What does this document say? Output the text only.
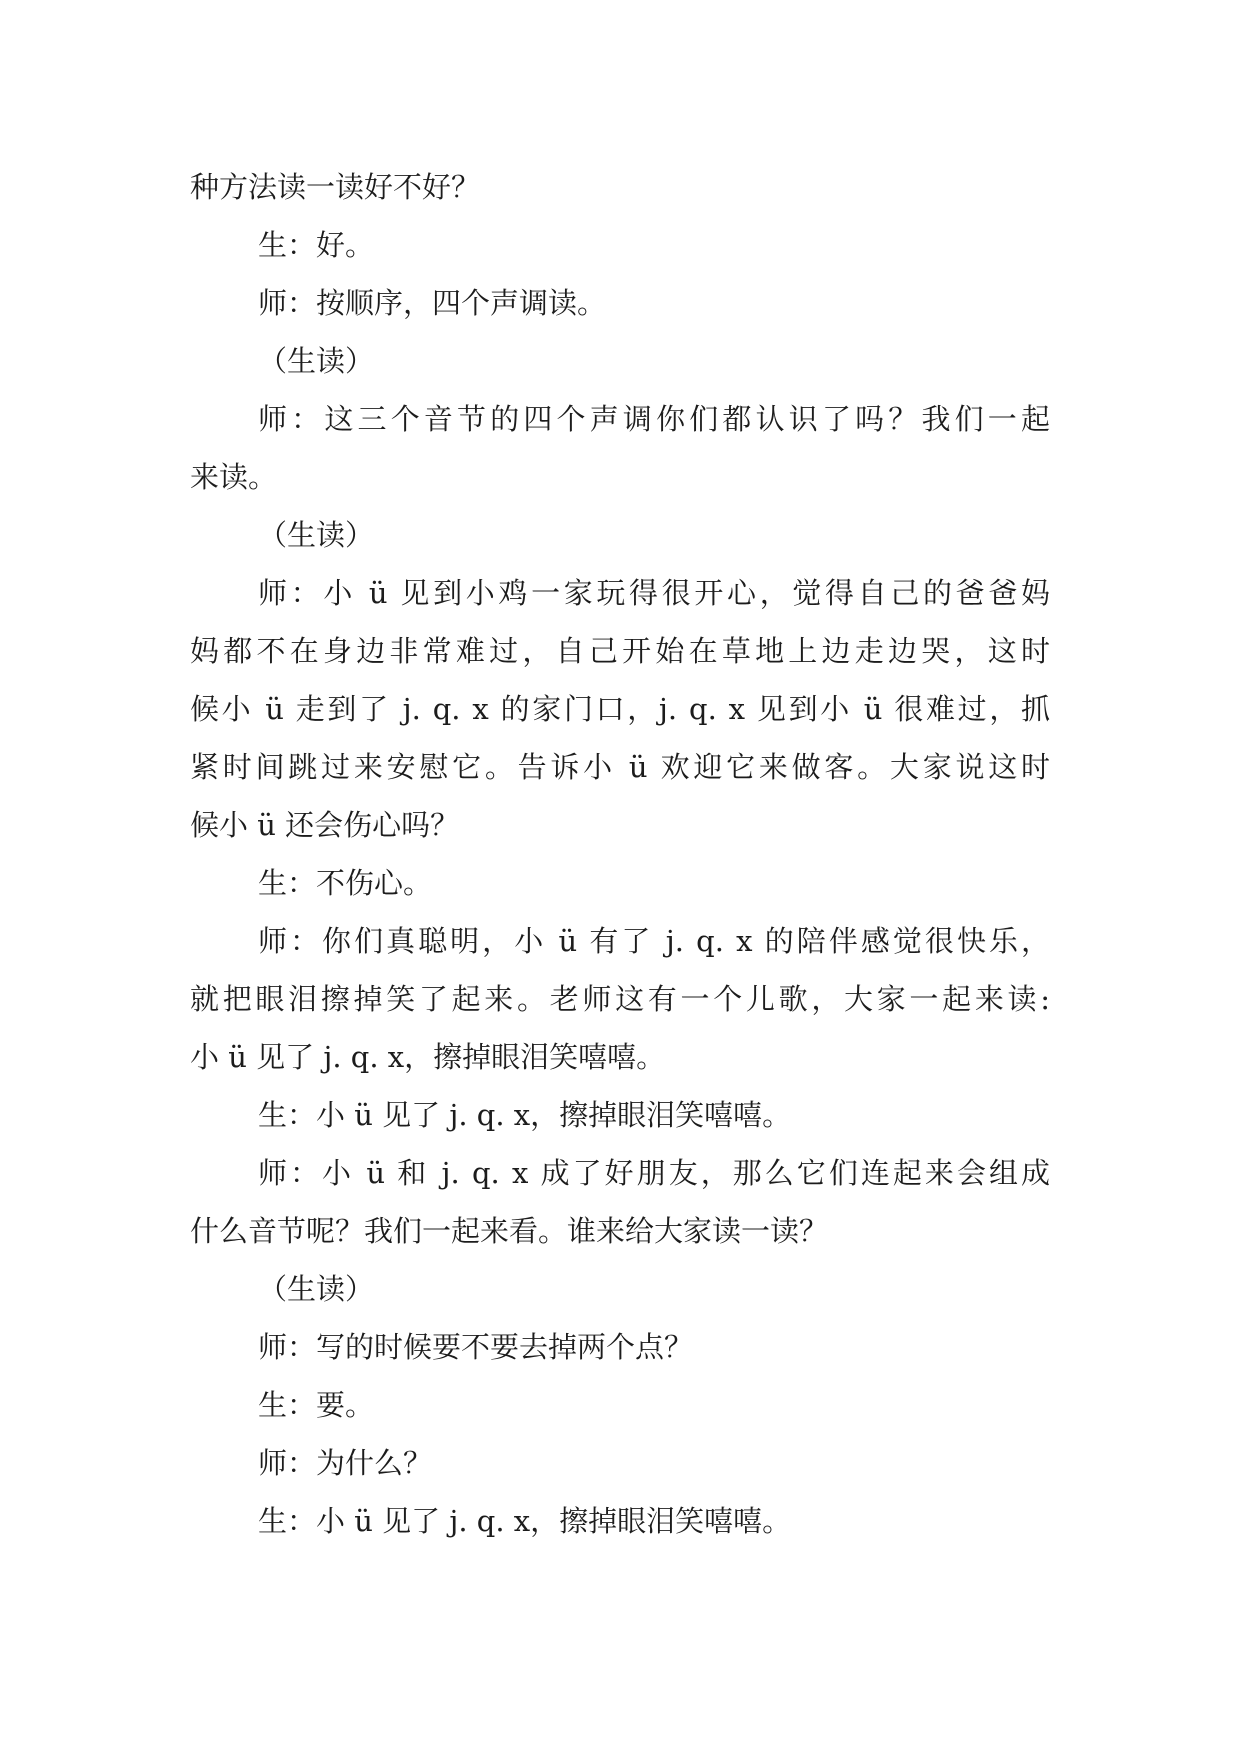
种方法读一读好不好？
生：好。
师：按顺序，四个声调读。
（生读）
师：这三个音节的四个声调你们都认识了吗？我们一起
来读。
（生读）
师：小 ü 见到小鸡一家玩得很开心，觉得自己的爸爸妈
妈都不在身边非常难过，自己开始在草地上边走边哭，这时
候小 ü 走到了 j. q. x 的家门口，j. q. x 见到小 ü 很难过，抓
紧时间跳过来安慰它。告诉小 ü 欢迎它来做客。大家说这时
候小 ü 还会伤心吗？
生：不伤心。
师：你们真聪明，小 ü 有了 j. q. x 的陪伴感觉很快乐，
就把眼泪擦掉笑了起来。老师这有一个儿歌，大家一起来读:
小 ü 见了 j. q. x，擦掉眼泪笑嘻嘻。
生：小 ü 见了 j. q. x，擦掉眼泪笑嘻嘻。
师：小 ü 和 j. q. x 成了好朋友，那么它们连起来会组成
什么音节呢？我们一起来看。谁来给大家读一读？
（生读）
师：写的时候要不要去掉两个点？
生：要。
师：为什么？
生：小 ü 见了 j. q. x，擦掉眼泪笑嘻嘻。
